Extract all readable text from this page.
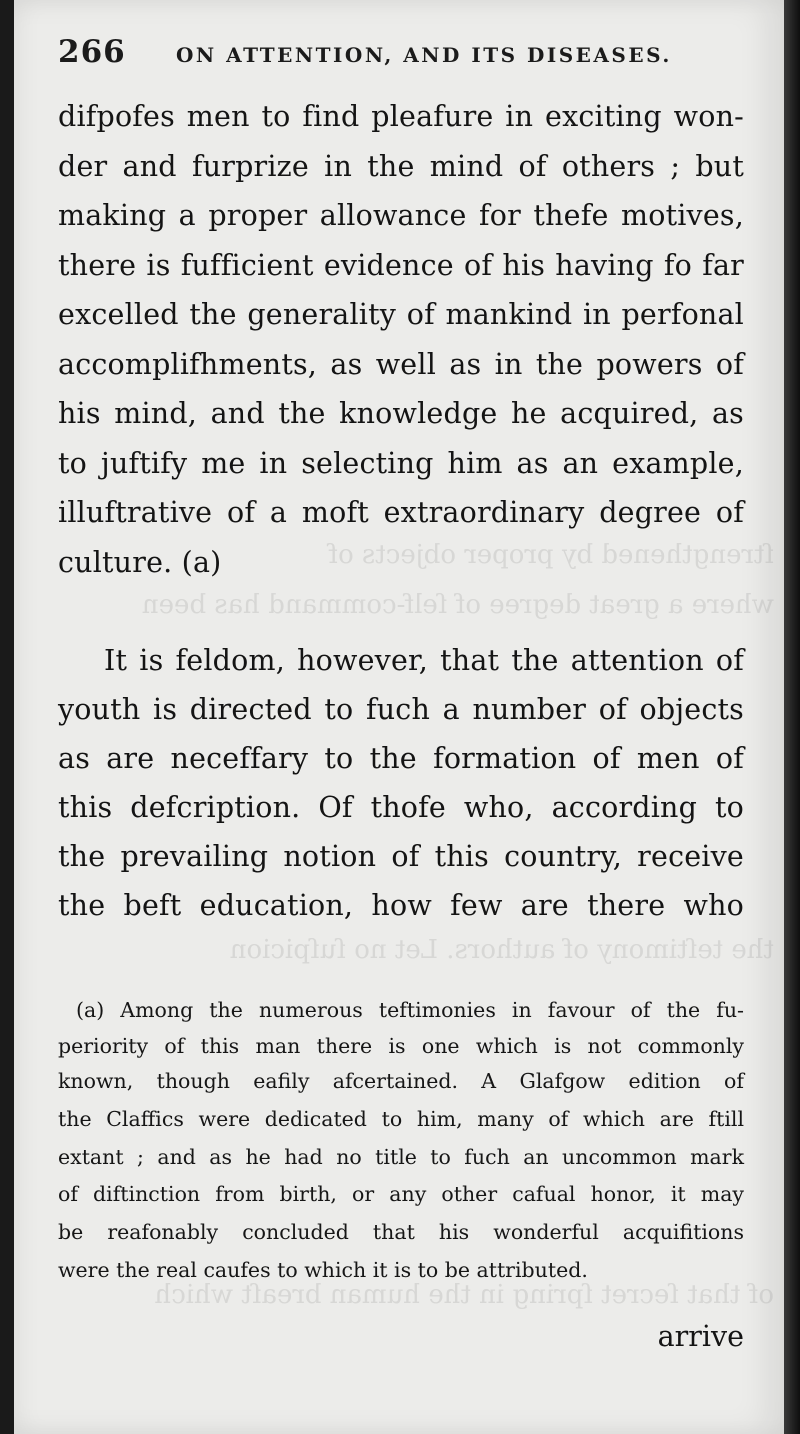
ſtrengthened by proper objects of
where a great degree of ſelf-command has been
the teſtimony of authors. Let no ſuſpicion
of that ſecret ſpring in the human breaſt which
266	ON ATTENTION, AND ITS DISEASES.
difpofes men to find pleafure in exciting won-
der and furprize in the mind of others ; but
making a proper allowance for thefe motives,
there is fufficient evidence of his having fo far
excelled the generality of mankind in perfonal
accomplifhments, as well as in the powers of
his mind, and the knowledge he acquired, as
to juftify me in selecting him as an example,
illuftrative of a moft extraordinary degree of
culture. (a)
It is feldom, however, that the attention of
youth is directed to fuch a number of objects
as are neceffary to the formation of men of
this defcription. Of thofe who, according to
the prevailing notion of this country, receive
the beft education, how few are there who
(a) Among the numerous teftimonies in favour of the fu-
periority of this man there is one which is not commonly
known, though eafily afcertained. A Glafgow edition of
the Claffics were dedicated to him, many of which are ftill
extant ; and as he had no title to fuch an uncommon mark
of diftinction from birth, or any other cafual honor, it may
be reafonably concluded that his wonderful acquifitions
were the real caufes to which it is to be attributed.
arrive
